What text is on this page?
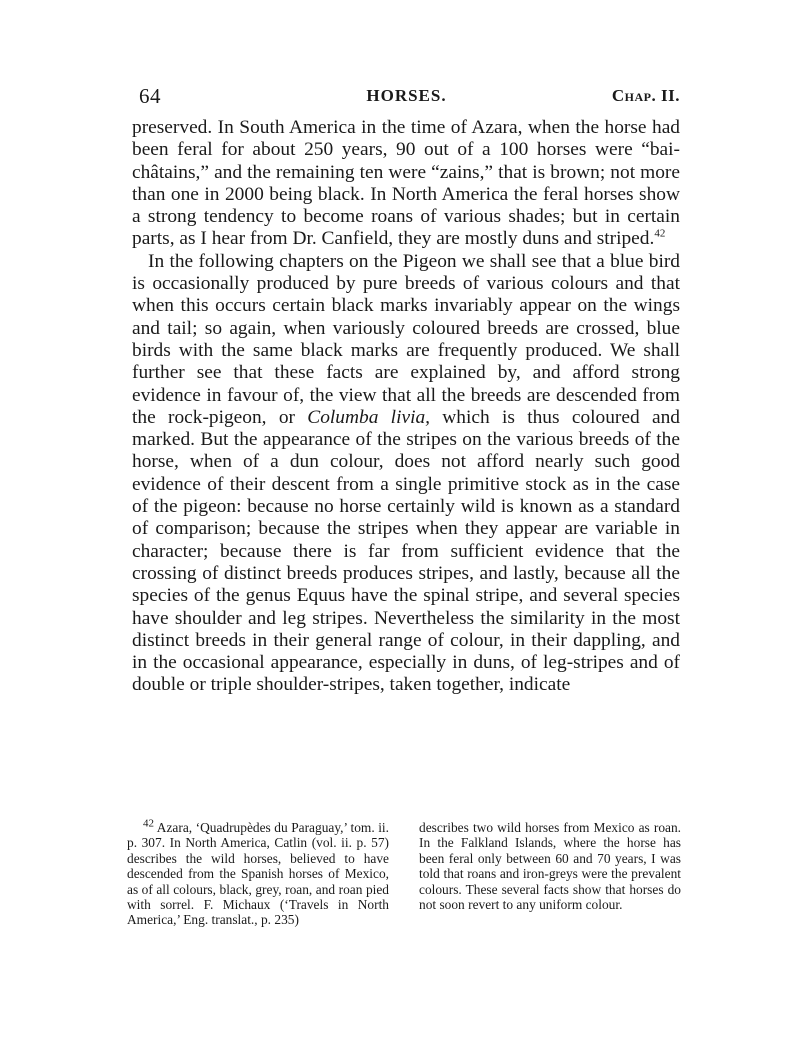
64	HORSES.	Chap. II.

preserved. In South America in the time of Azara, when the horse had been feral for about 250 years, 90 out of a 100 horses were “bai-châtains,” and the remaining ten were “zains,” that is brown; not more than one in 2000 being black. In North America the feral horses show a strong tendency to become roans of various shades; but in certain parts, as I hear from Dr. Canfield, they are mostly duns and striped.$^{42}$

In the following chapters on the Pigeon we shall see that a blue bird is occasionally produced by pure breeds of various colours and that when this occurs certain black marks invariably appear on the wings and tail; so again, when variously coloured breeds are crossed, blue birds with the same black marks are frequently produced. We shall further see that these facts are explained by, and afford strong evidence in favour of, the view that all the breeds are descended from the rock-pigeon, or Columba livia, which is thus coloured and marked. But the appearance of the stripes on the various breeds of the horse, when of a dun colour, does not afford nearly such good evidence of their descent from a single primitive stock as in the case of the pigeon: because no horse certainly wild is known as a standard of comparison; because the stripes when they appear are variable in character; because there is far from sufficient evidence that the crossing of distinct breeds produces stripes, and lastly, because all the species of the genus Equus have the spinal stripe, and several species have shoulder and leg stripes. Nevertheless the similarity in the most distinct breeds in their general range of colour, in their dappling, and in the occasional appearance, especially in duns, of leg-stripes and of double or triple shoulder-stripes, taken together, indicate

$^{42}$ Azara, ‘Quadrupèdes du Paraguay,’ tom. ii. p. 307. In North America, Catlin (vol. ii. p. 57) describes the wild horses, believed to have descended from the Spanish horses of Mexico, as of all colours, black, grey, roan, and roan pied with sorrel. F. Michaux (‘Travels in North America,’ Eng. translat., p. 235)

describes two wild horses from Mexico as roan. In the Falkland Islands, where the horse has been feral only between 60 and 70 years, I was told that roans and iron-greys were the prevalent colours. These several facts show that horses do not soon revert to any uniform colour.
